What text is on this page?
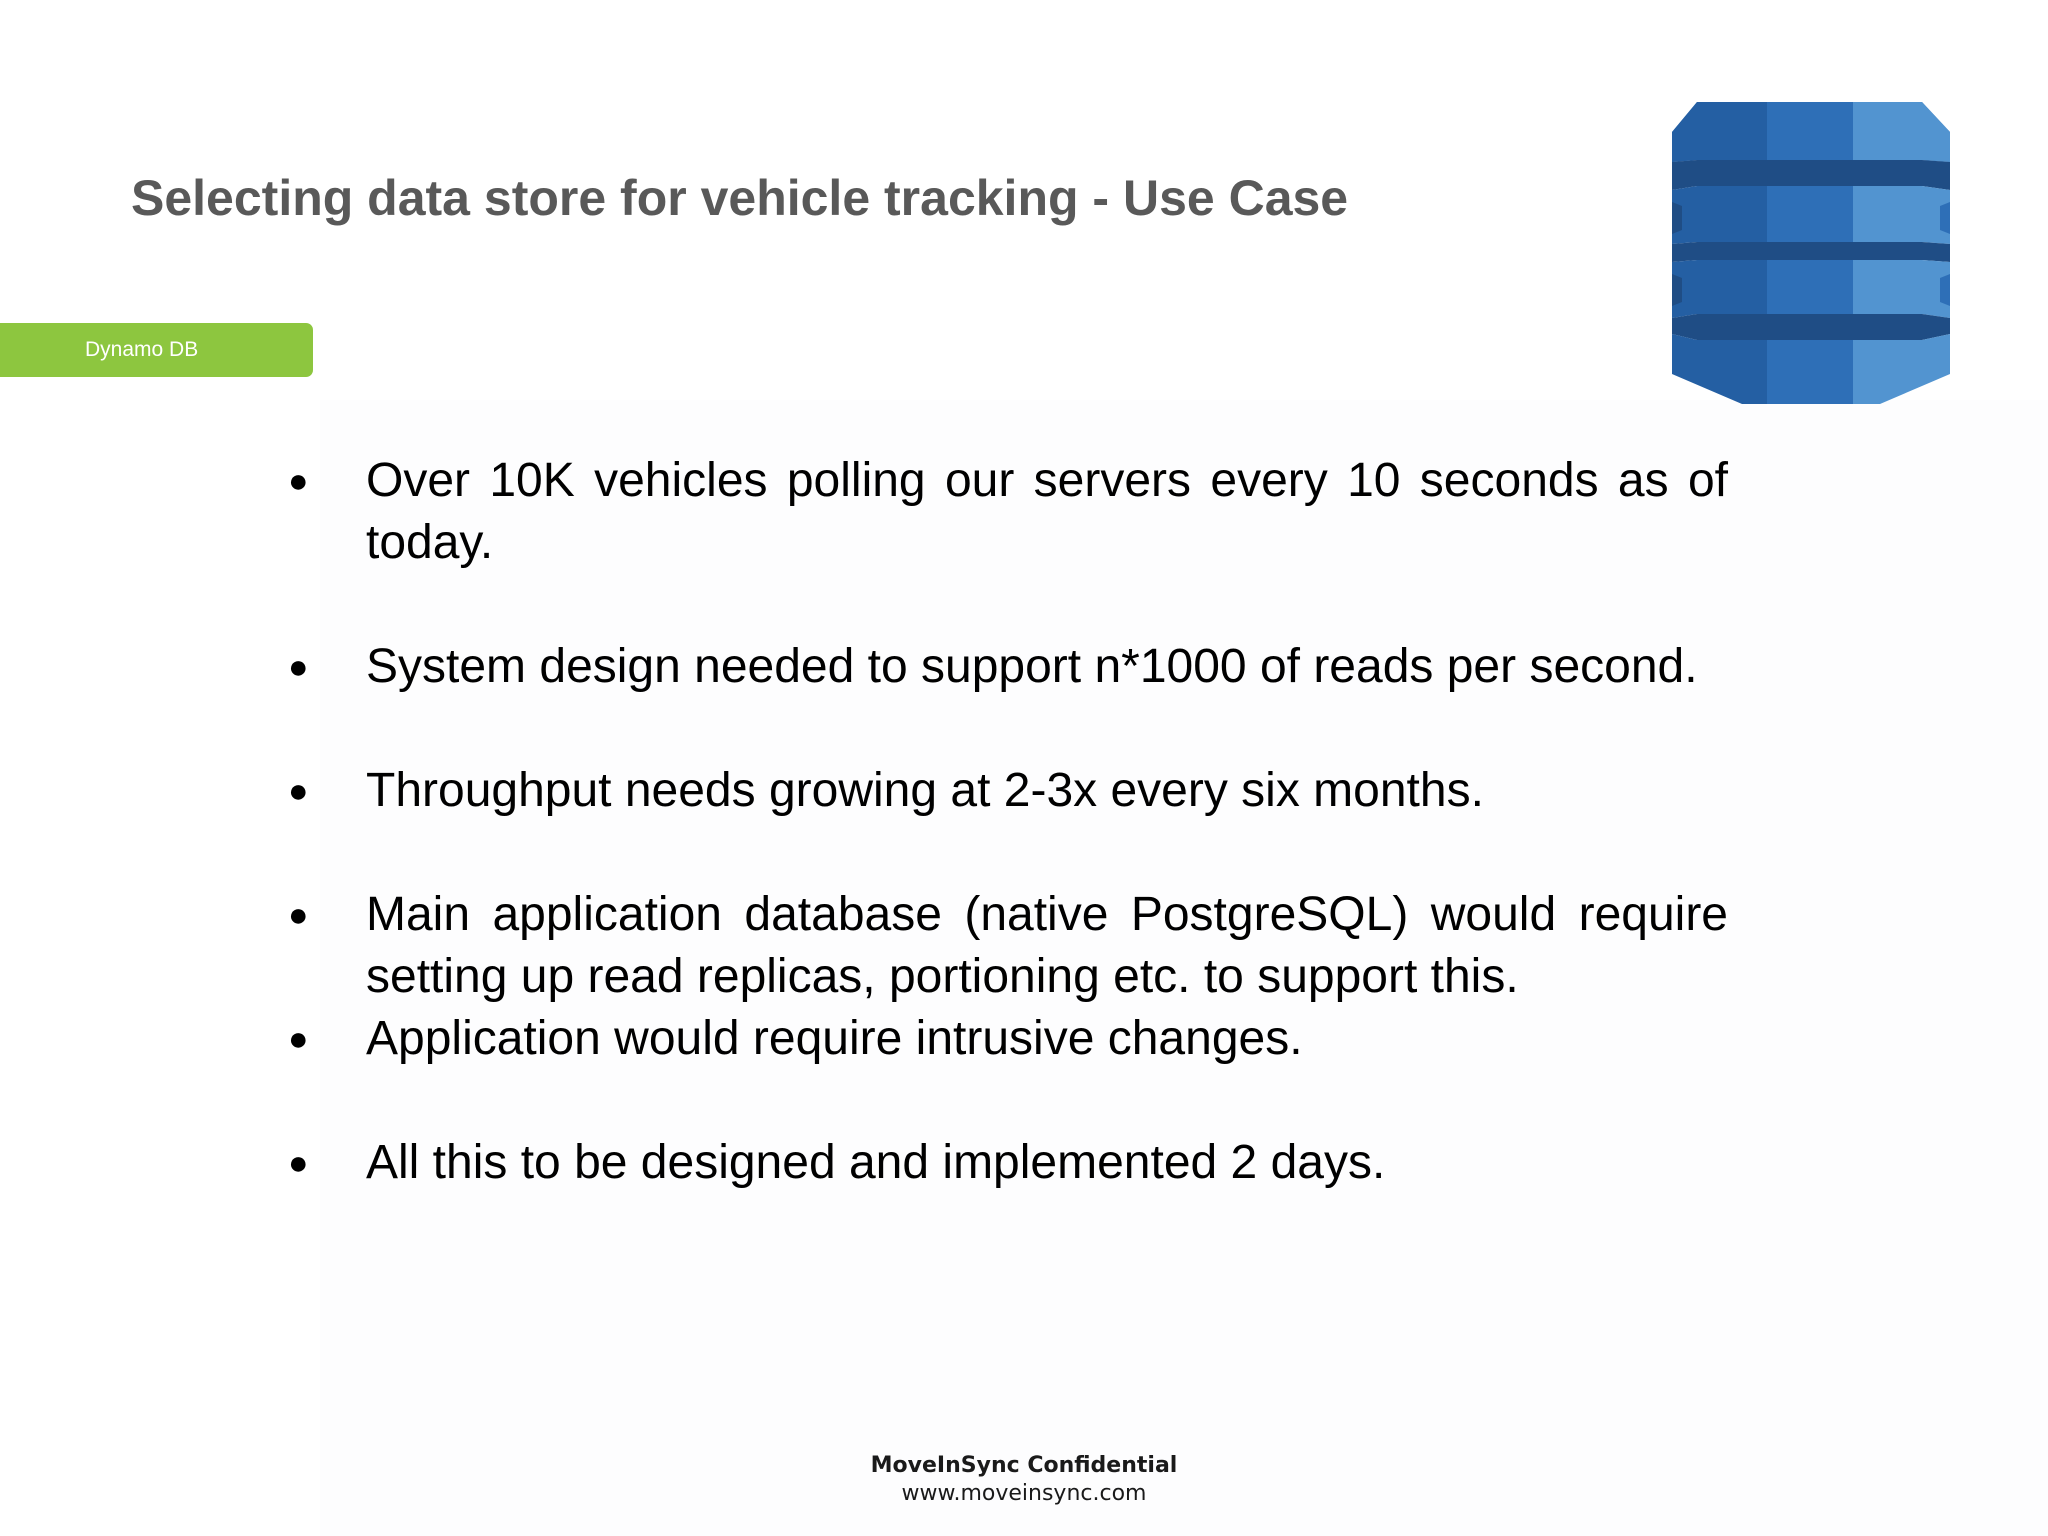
Selecting data store for vehicle tracking - Use Case
Dynamo DB
● Over 10K vehicles polling our servers every 10 seconds as of today.
● System design needed to support n*1000 of reads per second.
● Throughput needs growing at 2-3x every six months.
● Main application database (native PostgreSQL) would require setting up read replicas, portioning etc. to support this.
● Application would require intrusive changes.
● All this to be designed and implemented 2 days.
MoveInSync Confidential
www.moveinsync.com
